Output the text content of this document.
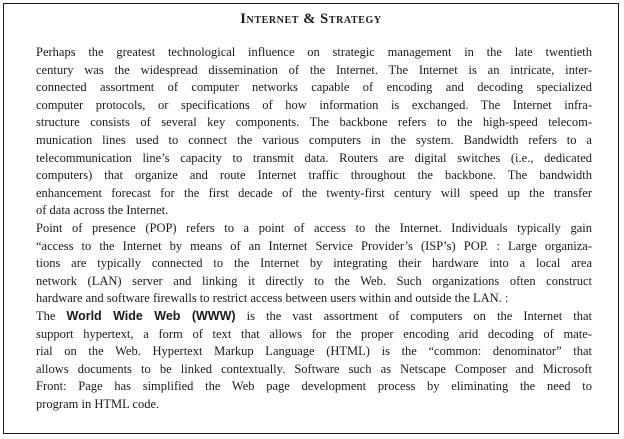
Internet & Strategy
Perhaps the greatest technological influence on strategic management in the late twentieth
century was the widespread dissemination of the Internet. The Internet is an intricate, inter-
connected assortment of computer networks capable of encoding and decoding specialized
computer protocols, or specifications of how information is exchanged. The Internet infra-
structure consists of several key components. The backbone refers to the high-speed telecom-
munication lines used to connect the various computers in the system. Bandwidth refers to a
telecommunication line’s capacity to transmit data. Routers are digital switches (i.e., dedicated
computers) that organize and route Internet traffic throughout the backbone. The bandwidth
enhancement forecast for the first decade of the twenty-first century will speed up the transfer
of data across the Internet.
Point of presence (POP) refers to a point of access to the Internet. Individuals typically gain
“access to the Internet by means of an Internet Service Provider’s (ISP’s) POP. : Large organiza-
tions are typically connected to the Internet by integrating their hardware into a local area
network (LAN) server and linking it directly to the Web. Such organizations often construct
hardware and software firewalls to restrict access between users within and outside the LAN. :
The World Wide Web (WWW) is the vast assortment of computers on the Internet that
support hypertext, a form of text that allows for the proper encoding arid decoding of mate-
rial on the Web. Hypertext Markup Language (HTML) is the “common: denominator” that
allows documents to be linked contextually. Software such as Netscape Composer and Microsoft
Front: Page has simplified the Web page development process by eliminating the need to
program in HTML code.
